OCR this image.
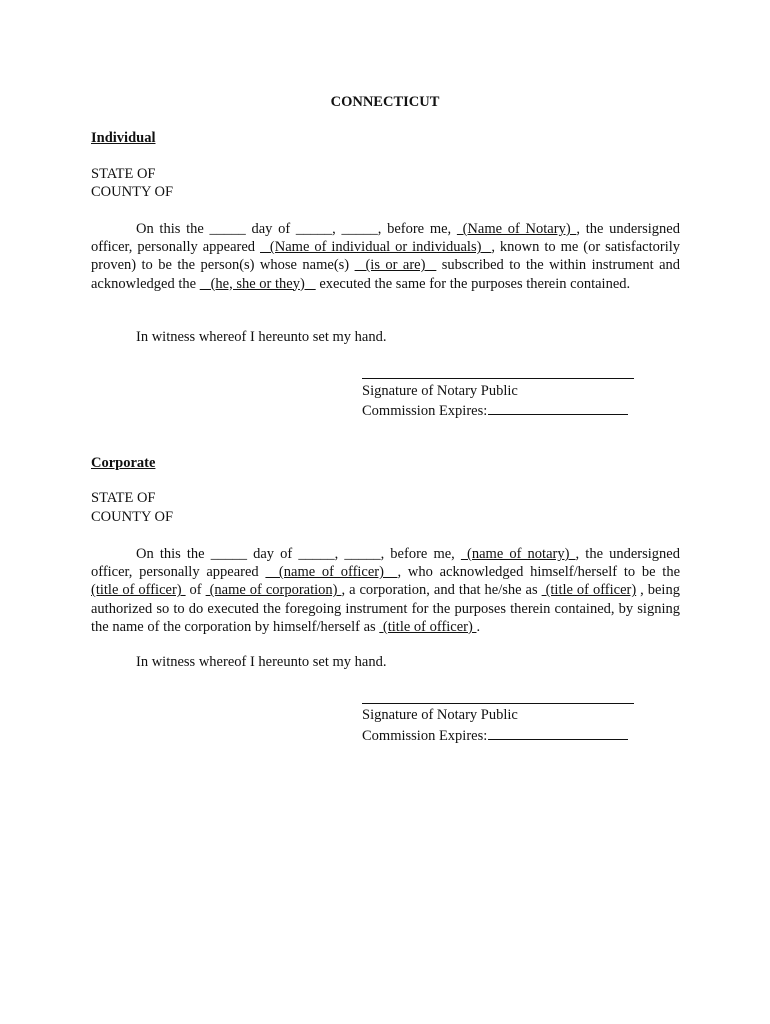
CONNECTICUT
Individual
STATE OF
COUNTY OF

On this the _____ day of _____, _____, before me,  (Name of Notary) , the undersigned officer, personally appeared   (Name of individual or individuals)  , known to me (or satisfactorily proven) to be the person(s) whose name(s)   (is or are)   subscribed to the within instrument and acknowledged the    (he, she or they)    executed the same for the purposes therein contained.

In witness whereof I hereunto set my hand.
Signature of Notary Public
Commission Expires:
Corporate
STATE OF
COUNTY OF

On this the _____ day of _____, _____, before me,  (name of notary) , the undersigned officer, personally appeared   (name of officer)  , who acknowledged himself/herself to be the (title of officer)  of  (name of corporation) , a corporation, and that he/she as  (title of officer) , being authorized so to do executed the foregoing instrument for the purposes therein contained, by signing the name of the corporation by himself/herself as  (title of officer) .

In witness whereof I hereunto set my hand.
Signature of Notary Public
Commission Expires:
